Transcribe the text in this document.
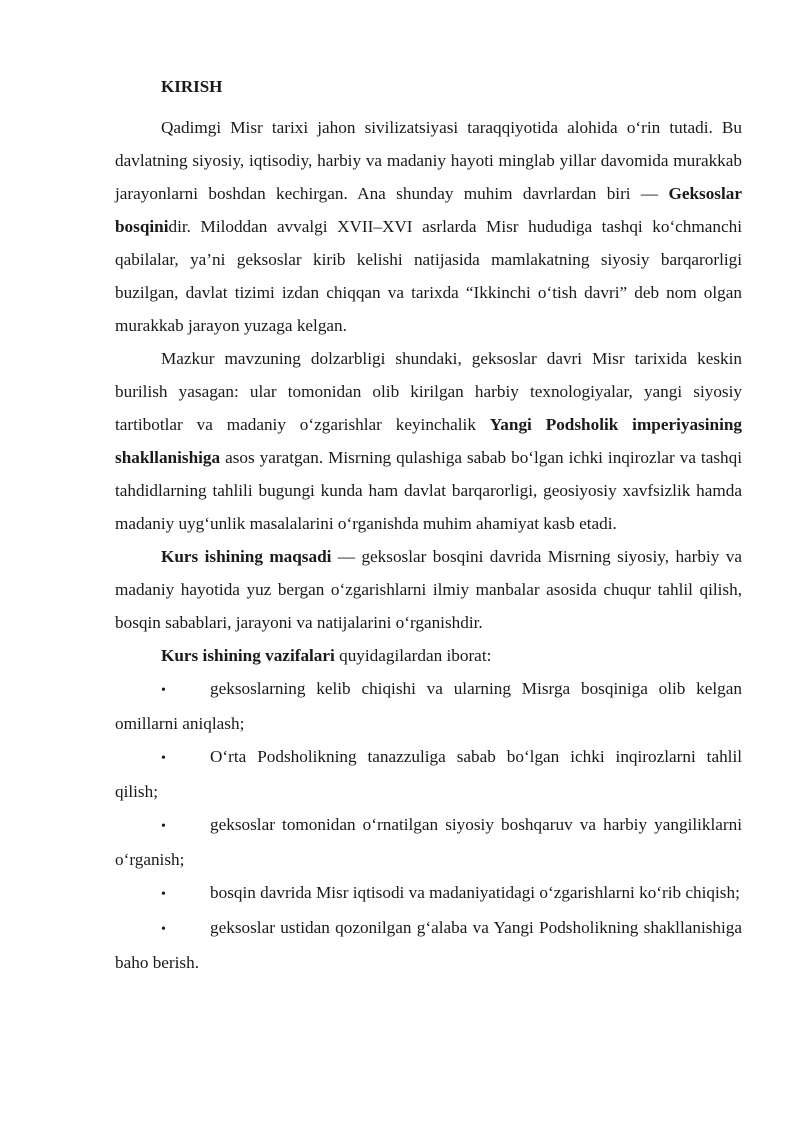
KIRISH

Qadimgi Misr tarixi jahon sivilizatsiyasi taraqqiyotida alohida o‘rin tutadi. Bu davlatning siyosiy, iqtisodiy, harbiy va madaniy hayoti minglab yillar davomida murakkab jarayonlarni boshdan kechirgan. Ana shunday muhim davrlardan biri — Geksoslar bosqinidir. Miloddan avvalgi XVII–XVI asrlarda Misr hududiga tashqi ko‘chmanchi qabilalar, ya’ni geksoslar kirib kelishi natijasida mamlakatning siyosiy barqarorligi buzilgan, davlat tizimi izdan chiqqan va tarixda “Ikkinchi o‘tish davri” deb nom olgan murakkab jarayon yuzaga kelgan.

Mazkur mavzuning dolzarbligi shundaki, geksoslar davri Misr tarixida keskin burilish yasagan: ular tomonidan olib kirilgan harbiy texnologiyalar, yangi siyosiy tartibotlar va madaniy o‘zgarishlar keyinchalik Yangi Podsholik imperiyasining shakllanishiga asos yaratgan. Misrning qulashiga sabab bo‘lgan ichki inqirozlar va tashqi tahdidlarning tahlili bugungi kunda ham davlat barqarorligi, geosiyosiy xavfsizlik hamda madaniy uyg‘unlik masalalarini o‘rganishda muhim ahamiyat kasb etadi.

Kurs ishining maqsadi — geksoslar bosqini davrida Misrning siyosiy, harbiy va madaniy hayotida yuz bergan o‘zgarishlarni ilmiy manbalar asosida chuqur tahlil qilish, bosqin sabablari, jarayoni va natijalarini o‘rganishdir.

Kurs ishining vazifalari quyidagilardan iborat:

•	geksoslarning kelib chiqishi va ularning Misrga bosqiniga olib kelgan omillarni aniqlash;

•	O‘rta Podsholikning tanazzuliga sabab bo‘lgan ichki inqirozlarni tahlil qilish;

•	geksoslar tomonidan o‘rnatilgan siyosiy boshqaruv va harbiy yangiliklarni o‘rganish;

•	bosqin davrida Misr iqtisodi va madaniyatidagi o‘zgarishlarni ko‘rib chiqish;

•	geksoslar ustidan qozonilgan g‘alaba va Yangi Podsholikning shakllanishiga baho berish.
